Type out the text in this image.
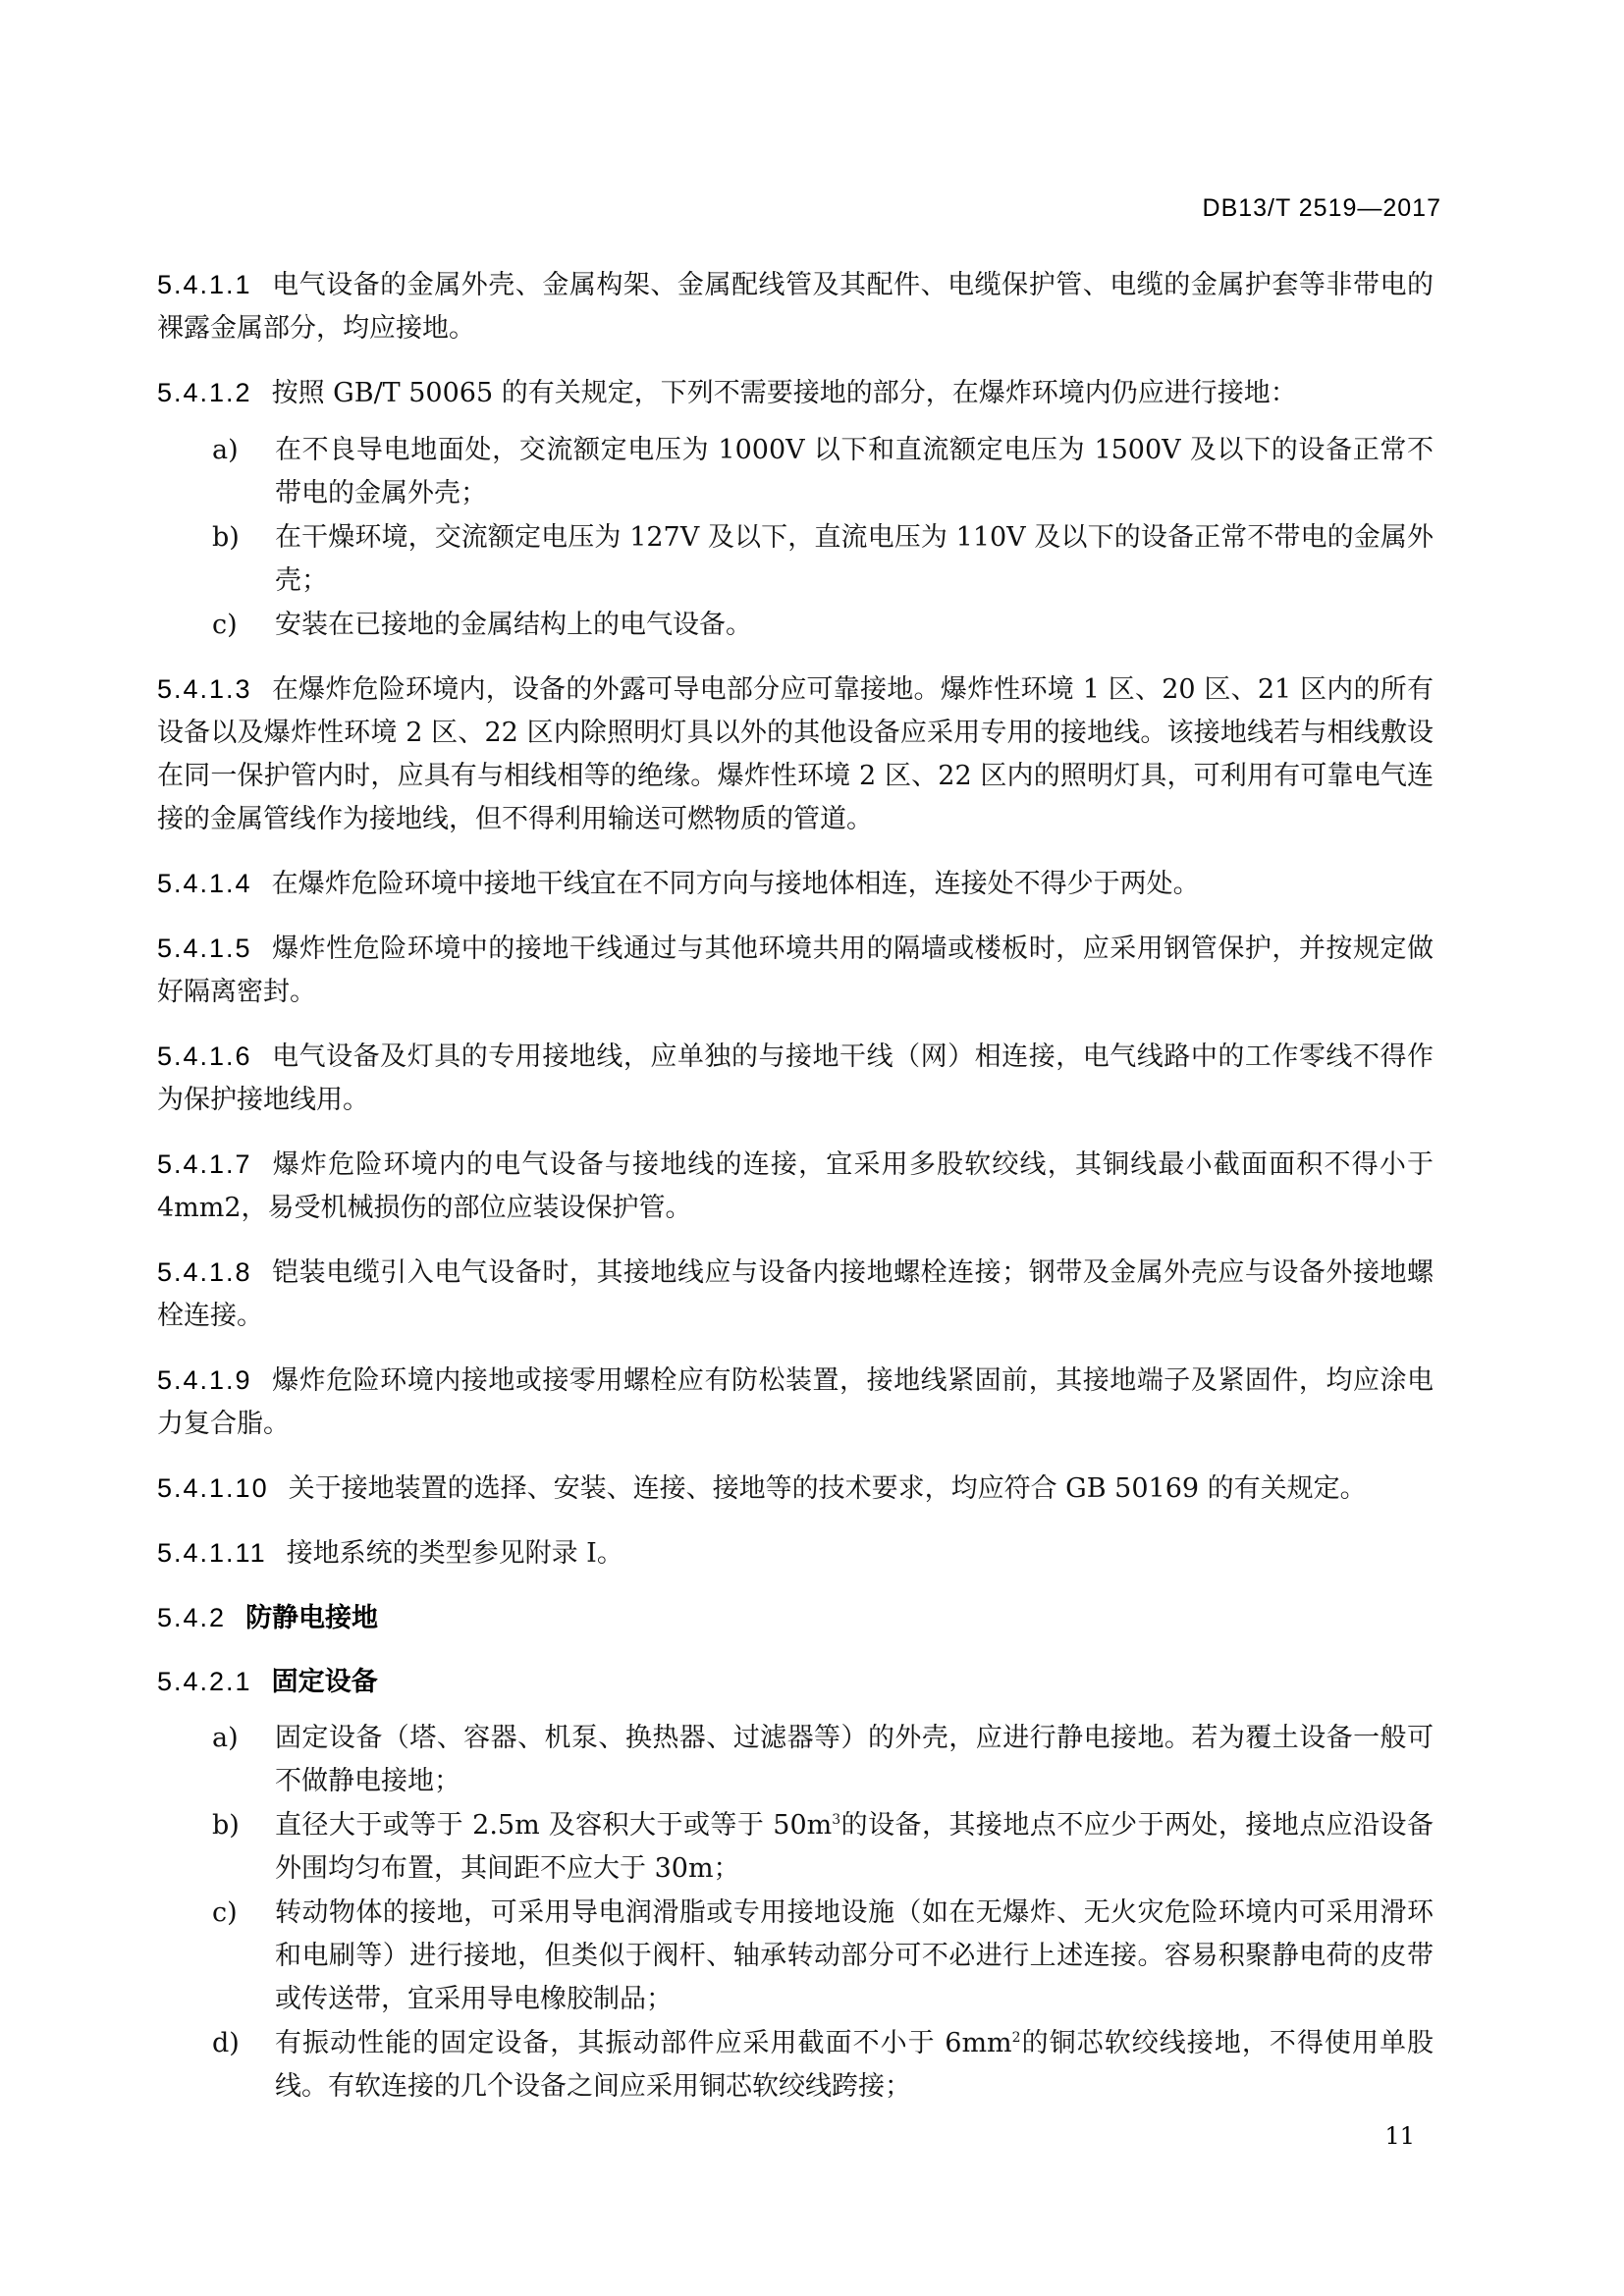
DB13/T 2519—2017

5.4.1.1 电气设备的金属外壳、金属构架、金属配线管及其配件、电缆保护管、电缆的金属护套等非带电的裸露金属部分，均应接地。

5.4.1.2 按照 GB/T 50065 的有关规定，下列不需要接地的部分，在爆炸环境内仍应进行接地：

a)	在不良导电地面处，交流额定电压为 1000V 以下和直流额定电压为 1500V 及以下的设备正常不带电的金属外壳；
b)	在干燥环境，交流额定电压为 127V 及以下，直流电压为 110V 及以下的设备正常不带电的金属外壳；
c)	安装在已接地的金属结构上的电气设备。

5.4.1.3 在爆炸危险环境内，设备的外露可导电部分应可靠接地。爆炸性环境 1 区、20 区、21 区内的所有设备以及爆炸性环境 2 区、22 区内除照明灯具以外的其他设备应采用专用的接地线。该接地线若与相线敷设在同一保护管内时，应具有与相线相等的绝缘。爆炸性环境 2 区、22 区内的照明灯具，可利用有可靠电气连接的金属管线作为接地线，但不得利用输送可燃物质的管道。

5.4.1.4 在爆炸危险环境中接地干线宜在不同方向与接地体相连，连接处不得少于两处。

5.4.1.5 爆炸性危险环境中的接地干线通过与其他环境共用的隔墙或楼板时，应采用钢管保护，并按规定做好隔离密封。

5.4.1.6 电气设备及灯具的专用接地线，应单独的与接地干线（网）相连接，电气线路中的工作零线不得作为保护接地线用。

5.4.1.7 爆炸危险环境内的电气设备与接地线的连接，宜采用多股软绞线，其铜线最小截面面积不得小于 4mm2，易受机械损伤的部位应装设保护管。

5.4.1.8 铠装电缆引入电气设备时，其接地线应与设备内接地螺栓连接；钢带及金属外壳应与设备外接地螺栓连接。

5.4.1.9 爆炸危险环境内接地或接零用螺栓应有防松装置，接地线紧固前，其接地端子及紧固件，均应涂电力复合脂。

5.4.1.10 关于接地装置的选择、安装、连接、接地等的技术要求，均应符合 GB 50169 的有关规定。

5.4.1.11 接地系统的类型参见附录 I。

5.4.2 防静电接地

5.4.2.1 固定设备

a)	固定设备（塔、容器、机泵、换热器、过滤器等）的外壳，应进行静电接地。若为覆土设备一般可不做静电接地；
b)	直径大于或等于 2.5m 及容积大于或等于 $50m^3$的设备，其接地点不应少于两处，接地点应沿设备外围均匀布置，其间距不应大于 30m；
c)	转动物体的接地，可采用导电润滑脂或专用接地设施（如在无爆炸、无火灾危险环境内可采用滑环和电刷等）进行接地，但类似于阀杆、轴承转动部分可不必进行上述连接。容易积聚静电荷的皮带或传送带，宜采用导电橡胶制品；
d)	有振动性能的固定设备，其振动部件应采用截面不小于 $6mm^2$的铜芯软绞线接地，不得使用单股线。有软连接的几个设备之间应采用铜芯软绞线跨接；
11
